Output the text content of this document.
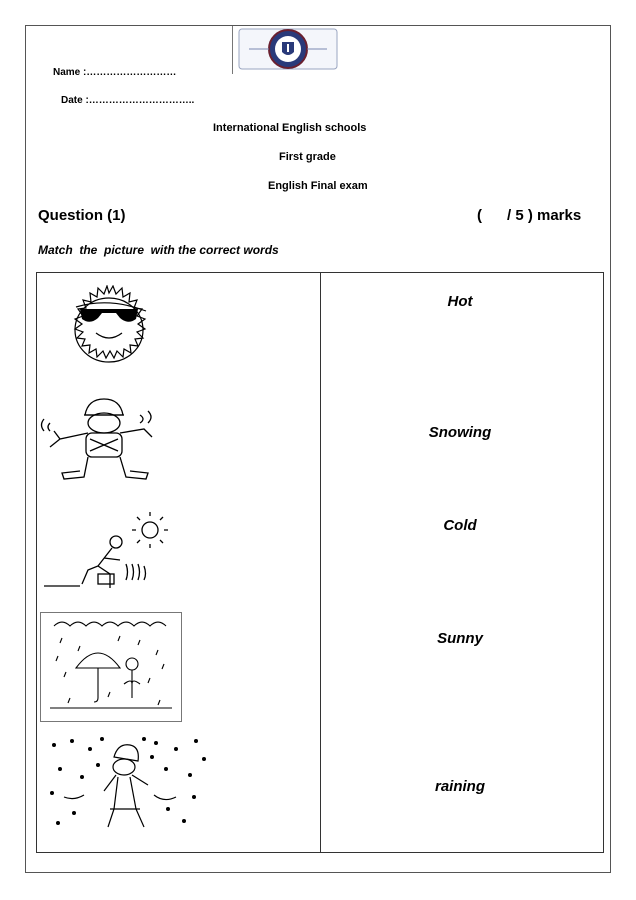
Name :………………………
Date :…………………………..
International English schools
First grade
English Final exam
Question (1)	(      / 5 ) marks
Match  the  picture  with the correct words
Hot
Snowing
Cold
Sunny
raining
